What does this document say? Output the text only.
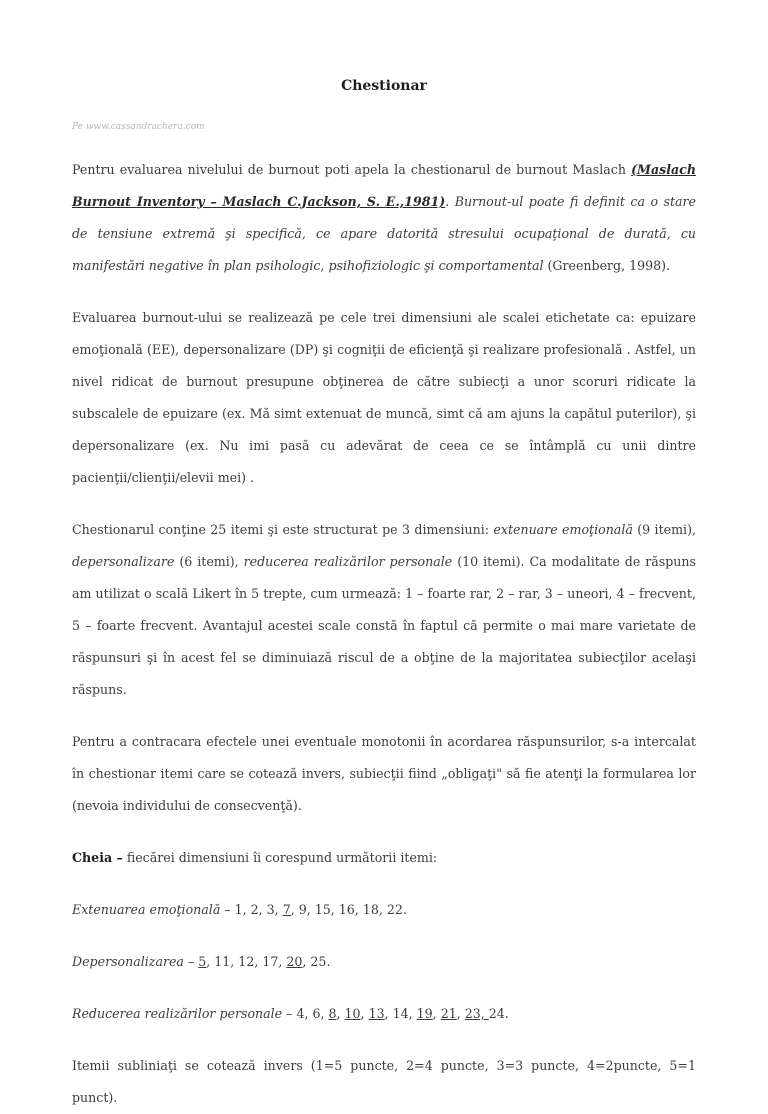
Chestionar
Pe www.cassandrachera.com

Pentru evaluarea nivelului de burnout poti apela la chestionarul de burnout Maslach (Maslach Burnout Inventory – Maslach C.Jackson, S. E.,1981). Burnout-ul poate fi definit ca o stare de tensiune extremă şi specifică, ce apare datorită stresului ocupaţional de durată, cu manifestări negative în plan psihologic, psihofiziologic şi comportamental (Greenberg, 1998).

Evaluarea burnout-ului se realizează pe cele trei dimensiuni ale scalei etichetate ca: epuizare emoţională (EE), depersonalizare (DP) şi cogniţii de eficienţă şi realizare profesională . Astfel, un nivel ridicat de burnout presupune obţinerea de către subiecţi a unor scoruri ridicate la subscalele de epuizare (ex. Mă simt extenuat de muncă, simt că am ajuns la capătul puterilor), şi depersonalizare (ex. Nu imi pasă cu adevărat de ceea ce se întâmplă cu unii dintre pacienţii/clienţii/elevii mei) .

Chestionarul conţine 25 itemi şi este structurat pe 3 dimensiuni: extenuare emoţională (9 itemi), depersonalizare (6 itemi), reducerea realizărilor personale (10 itemi). Ca modalitate de răspuns am utilizat o scală Likert în 5 trepte, cum urmează: 1 – foarte rar, 2 – rar, 3 – uneori, 4 – frecvent, 5 – foarte frecvent. Avantajul acestei scale constă în faptul că permite o mai mare varietate de răspunsuri şi în acest fel se diminuiază riscul de a obţine de la majoritatea subiecţilor acelaşi răspuns.

Pentru a contracara efectele unei eventuale monotonii în acordarea răspunsurilor, s-a intercalat în chestionar itemi care se cotează invers, subiecţii fiind „obligaţi" să fie atenţi la formularea lor (nevoia individului de consecvenţă).

Cheia – fiecărei dimensiuni îi corespund următorii itemi:

Extenuarea emoţională – 1, 2, 3, 7, 9, 15, 16, 18, 22.

Depersonalizarea – 5, 11, 12, 17, 20, 25.

Reducerea realizărilor personale – 4, 6, 8, 10, 13, 14, 19, 21, 23, 24.

Itemii subliniaţi se cotează invers (1=5 puncte, 2=4 puncte, 3=3 puncte, 4=2puncte, 5=1 punct).
